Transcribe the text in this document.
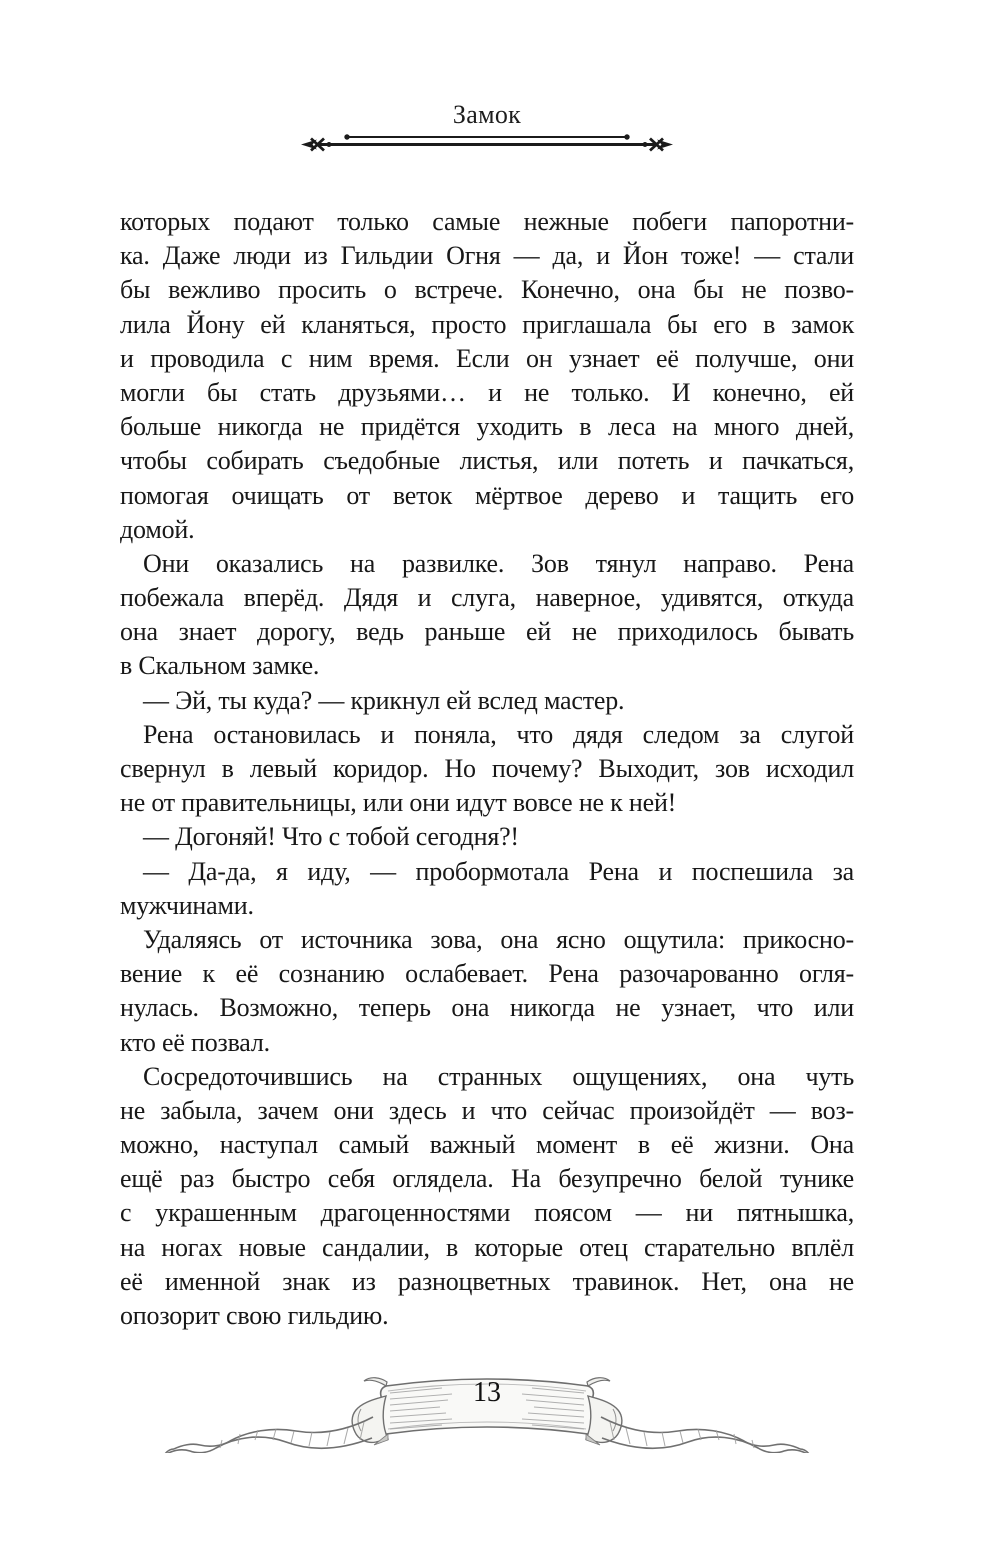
Замок
которых подают только самые нежные побеги папоротни-
ка. Даже люди из Гильдии Огня — да, и Йон тоже! — стали
бы вежливо просить о встрече. Конечно, она бы не позво-
лила Йону ей кланяться, просто приглашала бы его в замок
и проводила с ним время. Если он узнает её получше, они
могли бы стать друзьями… и не только. И конечно, ей
больше никогда не придётся уходить в леса на много дней,
чтобы собирать съедобные листья, или потеть и пачкаться,
помогая очищать от веток мёртвое дерево и тащить его
домой.
Они оказались на развилке. Зов тянул направо. Рена
побежала вперёд. Дядя и слуга, наверное, удивятся, откуда
она знает дорогу, ведь раньше ей не приходилось бывать
в Скальном замке.
— Эй, ты куда? — крикнул ей вслед мастер.
Рена остановилась и поняла, что дядя следом за слугой
свернул в левый коридор. Но почему? Выходит, зов исходил
не от правительницы, или они идут вовсе не к ней!
— Догоняй! Что с тобой сегодня?!
— Да-да, я иду, — пробормотала Рена и поспешила за
мужчинами.
Удаляясь от источника зова, она ясно ощутила: прикосно-
вение к её сознанию ослабевает. Рена разочарованно огля-
нулась. Возможно, теперь она никогда не узнает, что или
кто её позвал.
Сосредоточившись на странных ощущениях, она чуть
не забыла, зачем они здесь и что сейчас произойдёт — воз-
можно, наступал самый важный момент в её жизни. Она
ещё раз быстро себя оглядела. На безупречно белой тунике
с украшенным драгоценностями поясом — ни пятнышка,
на ногах новые сандалии, в которые отец старательно вплёл
её именной знак из разноцветных травинок. Нет, она не
опозорит свою гильдию.
13
